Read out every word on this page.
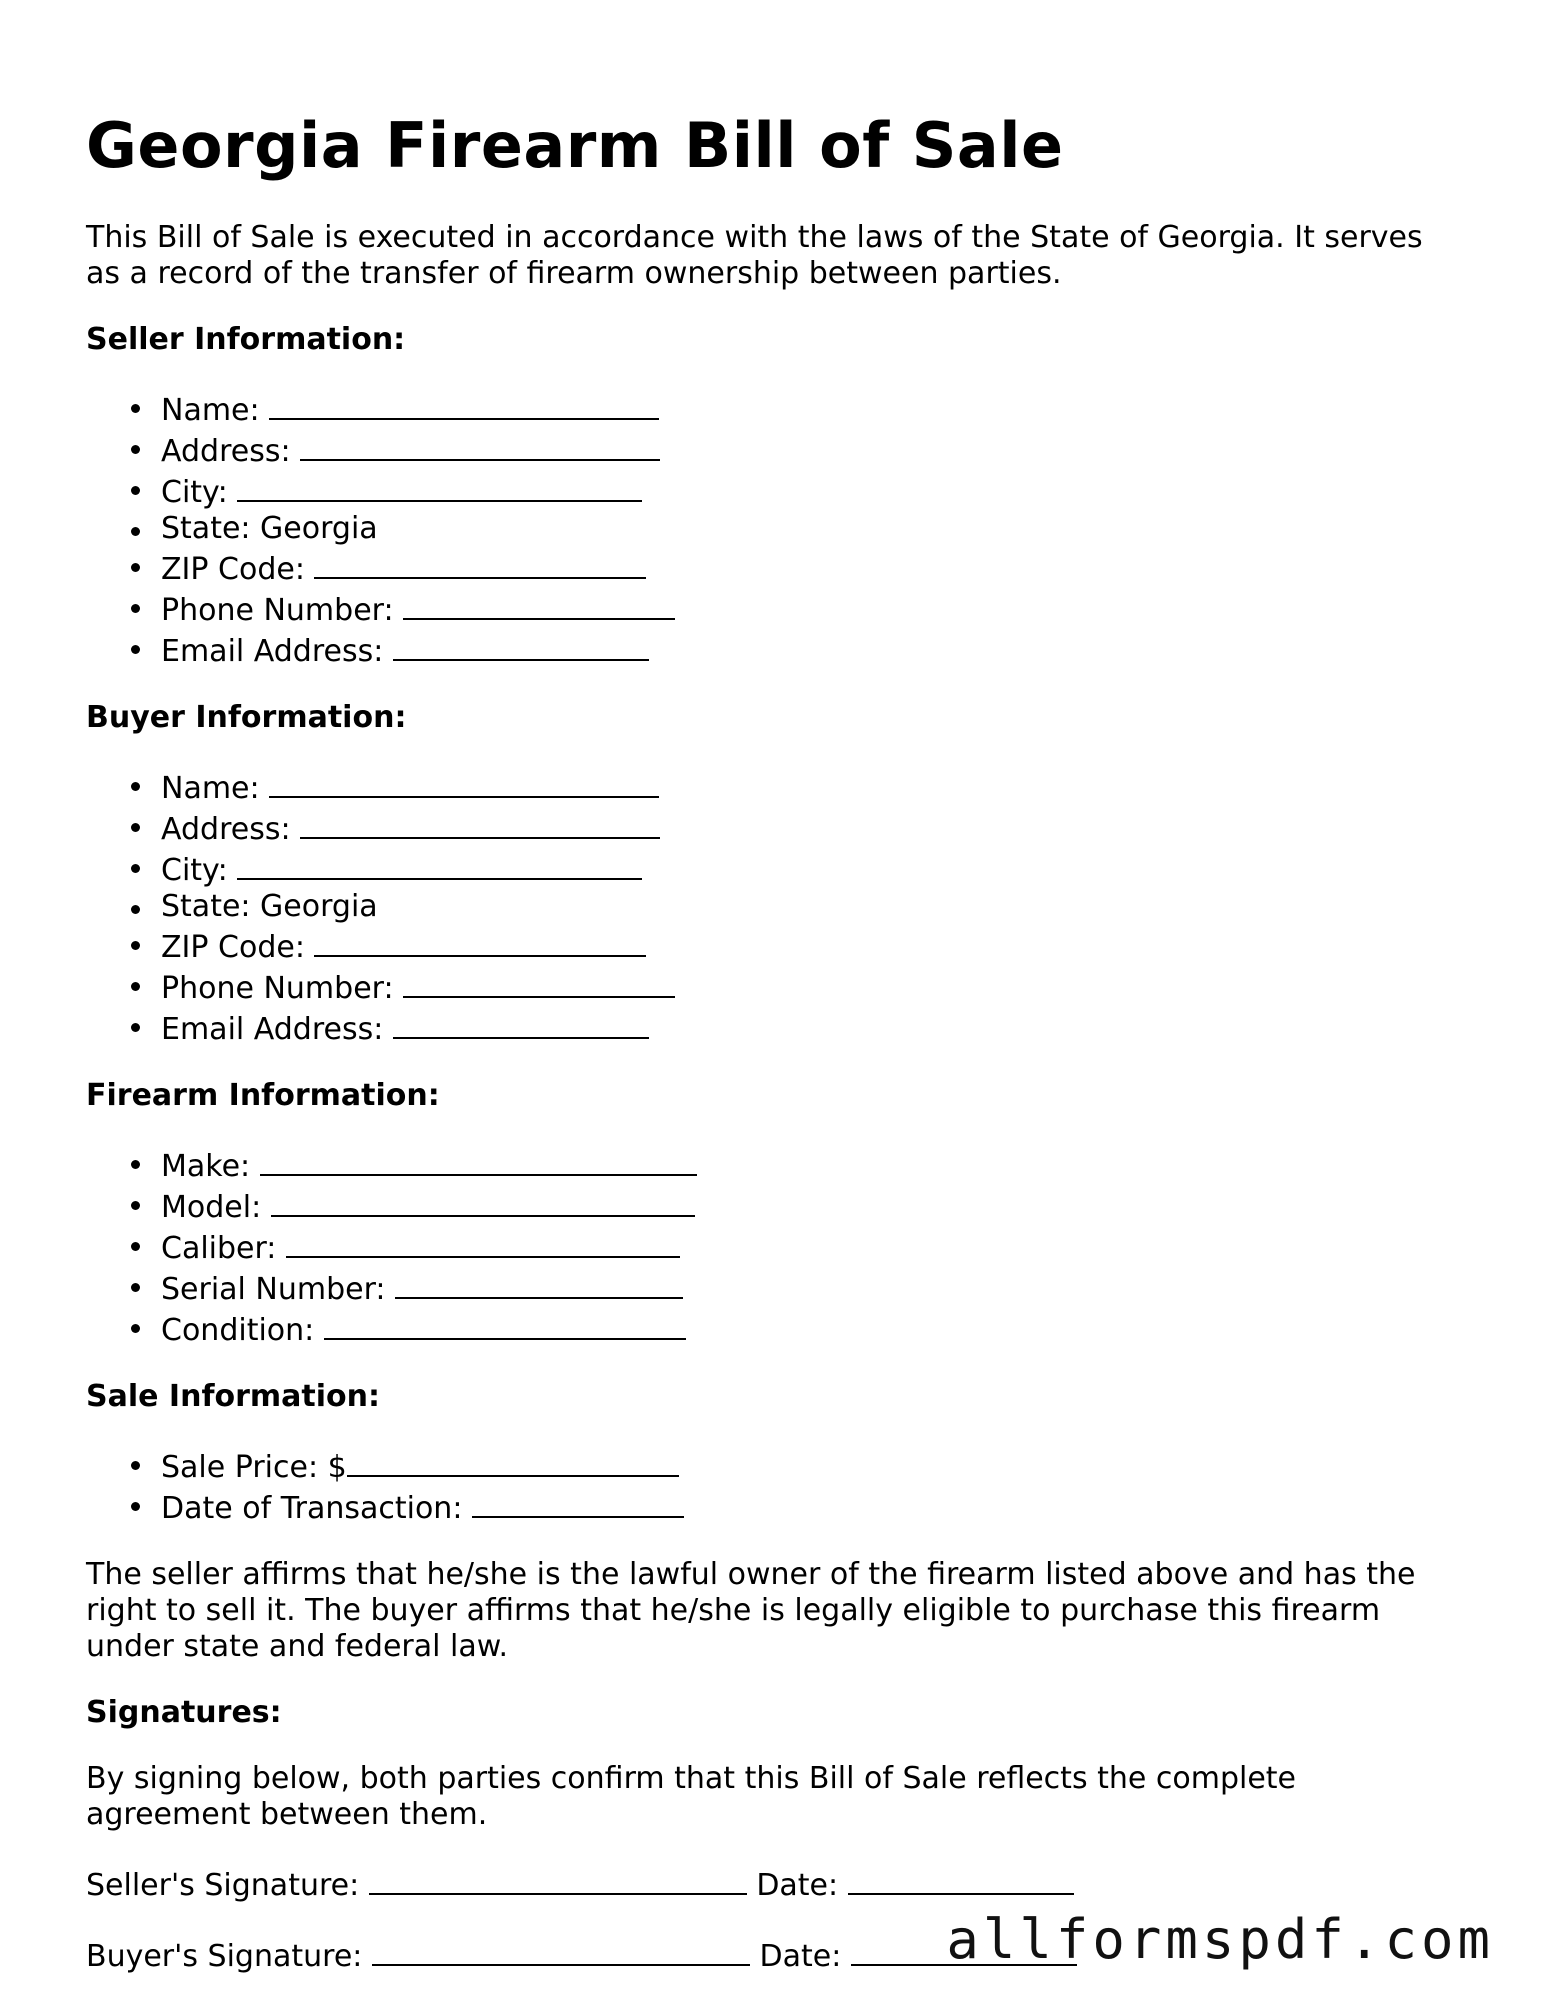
Georgia Firearm Bill of Sale

This Bill of Sale is executed in accordance with the laws of the State of Georgia. It serves as a record of the transfer of firearm ownership between parties.

Seller Information:
Name:
Address:
City:
State: Georgia
ZIP Code:
Phone Number:
Email Address:
Buyer Information:
Name:
Address:
City:
State: Georgia
ZIP Code:
Phone Number:
Email Address:
Firearm Information:
Make:
Model:
Caliber:
Serial Number:
Condition:
Sale Information:
Sale Price: $
Date of Transaction:

The seller affirms that he/she is the lawful owner of the firearm listed above and has the right to sell it. The buyer affirms that he/she is legally eligible to purchase this firearm under state and federal law.

Signatures:

By signing below, both parties confirm that this Bill of Sale reflects the complete agreement between them.

Seller's Signature:	Date:

Buyer's Signature:	Date:	allformspdf.com
